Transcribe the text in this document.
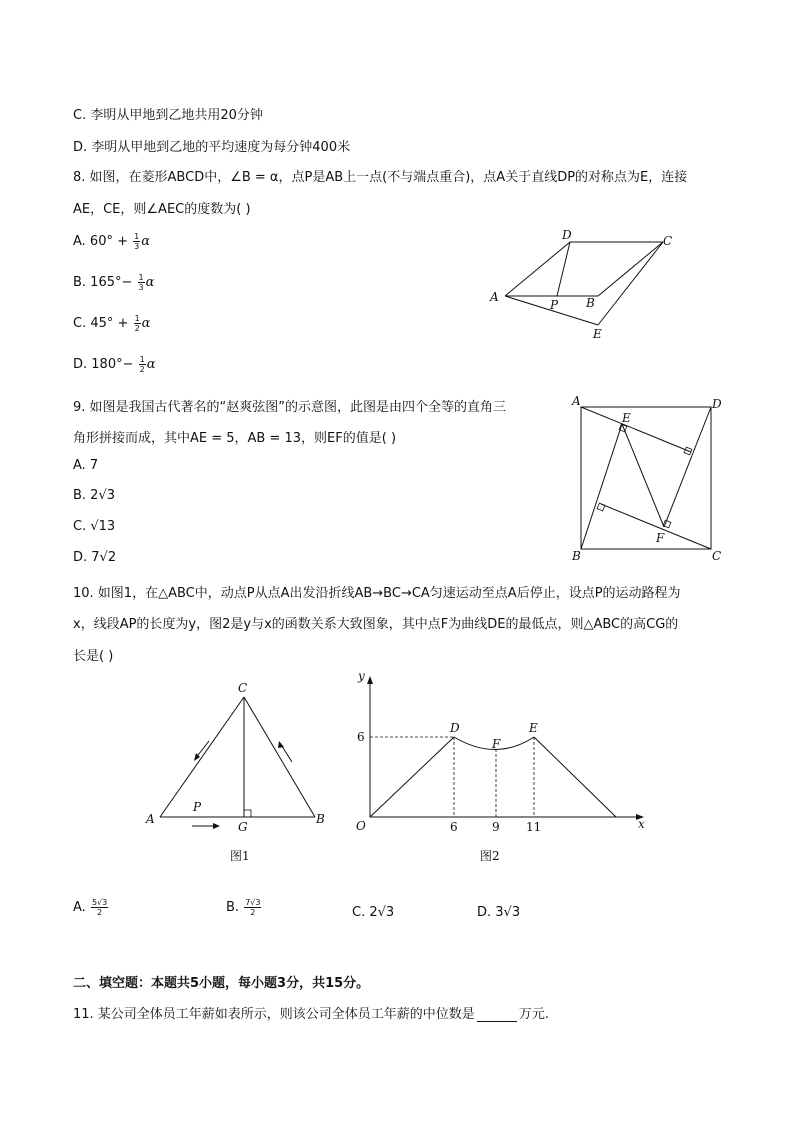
C. 李明从甲地到乙地共用20分钟
D. 李明从甲地到乙地的平均速度为每分钟400米
8. 如图，在菱形ABCD中，∠B = α，点P是AB上一点(不与端点重合)，点A关于直线DP的对称点为E，连接
AE，CE，则∠AEC的度数为( )
A. $60^\circ + \frac{1}{3}$ α
B. $165^\circ- \frac{1}{3}$ α
C. $45^\circ + \frac{1}{2}$ α
D. $180^\circ- \frac{1}{2}$ α
A
D	C
P B
E
9. 如图是我国古代著名的“赵爽弦图”的示意图，此图是由四个全等的直角三
角形拼接而成，其中AE = 5，AB = 13，则EF的值是( )
A. 7
B. 2√3
C. √13
D. 7√2
A	D
E
F
B	C
10. 如图1，在△ABC中，动点P从点A出发沿折线AB→BC→CA匀速运动至点A后停止，设点P的运动路程为
x，线段AP的长度为y，图2是y与x的函数关系大致图象，其中点F为曲线DE的最低点，则△ABC的高CG的
长是( )
A	B
C
G
P
图1
y
x
O
D
F
E
6
6	9 11
图2
A. $\frac{5√3}{2}$	B. $\frac{7√3}{2}$	C. 2√3	D. 3√3
二、填空题：本题共5小题，每小题3分，共15分。
11. 某公司全体员工年薪如表所示，则该公司全体员工年薪的中位数是	万元.
